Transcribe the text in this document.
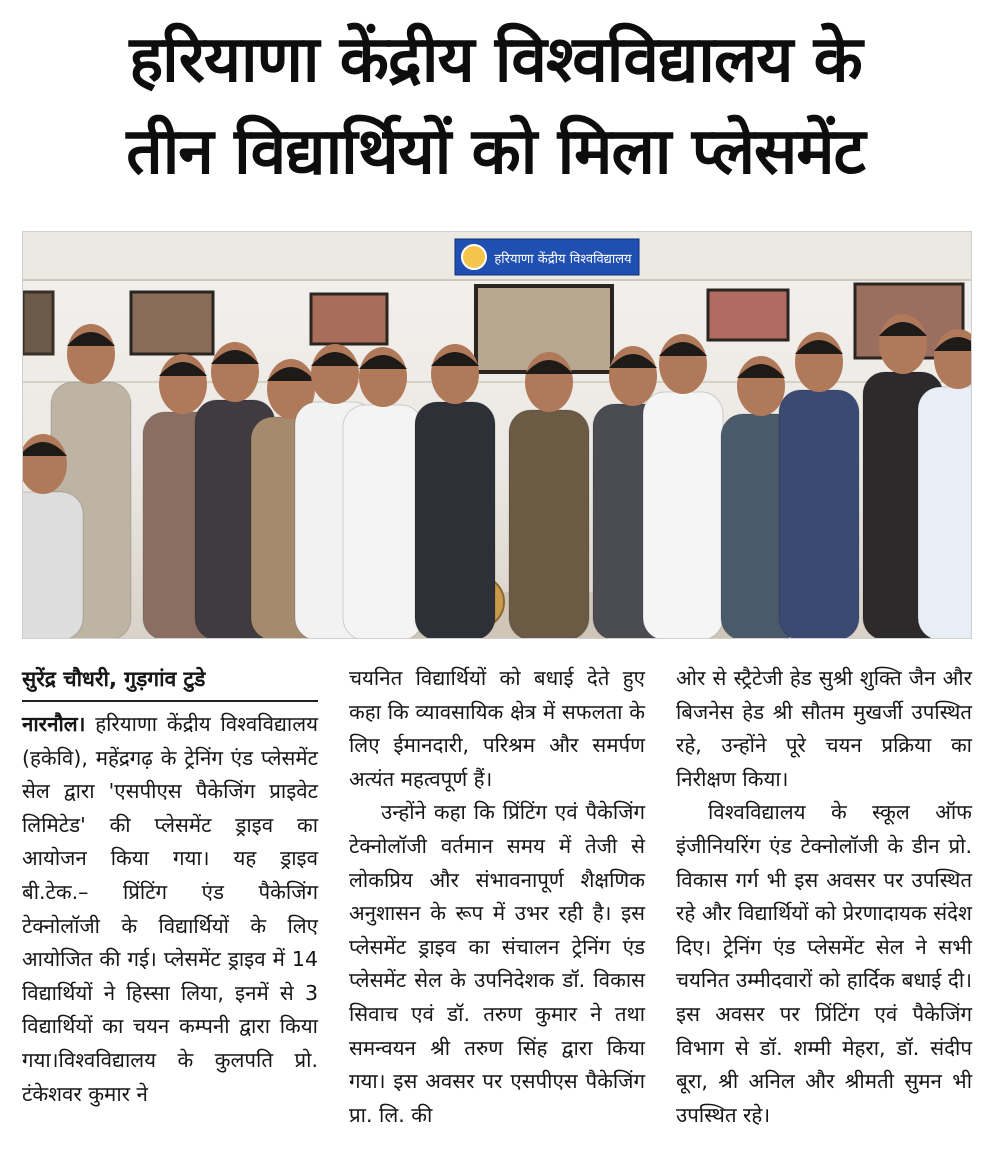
हरियाणा केंद्रीय विश्वविद्यालय के
तीन विद्यार्थियों को मिला प्लेसमेंट
हरियाणा केंद्रीय विश्वविद्यालय
सुरेंद्र चौधरी, गुड़गांव टुडे

नारनौल। हरियाणा केंद्रीय विश्वविद्यालय (हकेवि), महेंद्रगढ़ के ट्रेनिंग एंड प्लेसमेंट सेल द्वारा 'एसपीएस पैकेजिंग प्राइवेट लिमिटेड' की प्लेसमेंट ड्राइव का आयोजन किया गया। यह ड्राइव बी.टेक.– प्रिंटिंग एंड पैकेजिंग टेक्नोलॉजी के विद्यार्थियों के लिए आयोजित की गई। प्लेसमेंट ड्राइव में 14 विद्यार्थियों ने हिस्सा लिया, इनमें से 3 विद्यार्थियों का चयन कम्पनी द्वारा किया गया।विश्वविद्यालय के कुलपति प्रो. टंकेशवर कुमार ने

चयनित विद्यार्थियों को बधाई देते हुए कहा कि व्यावसायिक क्षेत्र में सफलता के लिए ईमानदारी, परिश्रम और समर्पण अत्यंत महत्वपूर्ण हैं।

उन्होंने कहा कि प्रिंटिंग एवं पैकेजिंग टेक्नोलॉजी वर्तमान समय में तेजी से लोकप्रिय और संभावनापूर्ण शैक्षणिक अनुशासन के रूप में उभर रही है। इस प्लेसमेंट ड्राइव का संचालन ट्रेनिंग एंड प्लेसमेंट सेल के उपनिदेशक डॉ. विकास सिवाच एवं डॉ. तरुण कुमार ने तथा समन्वयन श्री तरुण सिंह द्वारा किया गया। इस अवसर पर एसपीएस पैकेजिंग प्रा. लि. की

ओर से स्ट्रैटेजी हेड सुश्री शुक्ति जैन और बिजनेस हेड श्री सौतम मुखर्जी उपस्थित रहे, उन्होंने पूरे चयन प्रक्रिया का निरीक्षण किया।

विश्वविद्यालय के स्कूल ऑफ इंजीनियरिंग एंड टेक्नोलॉजी के डीन प्रो. विकास गर्ग भी इस अवसर पर उपस्थित रहे और विद्यार्थियों को प्रेरणादायक संदेश दिए। ट्रेनिंग एंड प्लेसमेंट सेल ने सभी चयनित उम्मीदवारों को हार्दिक बधाई दी। इस अवसर पर प्रिंटिंग एवं पैकेजिंग विभाग से डॉ. शम्मी मेहरा, डॉ. संदीप बूरा, श्री अनिल और श्रीमती सुमन भी उपस्थित रहे।
